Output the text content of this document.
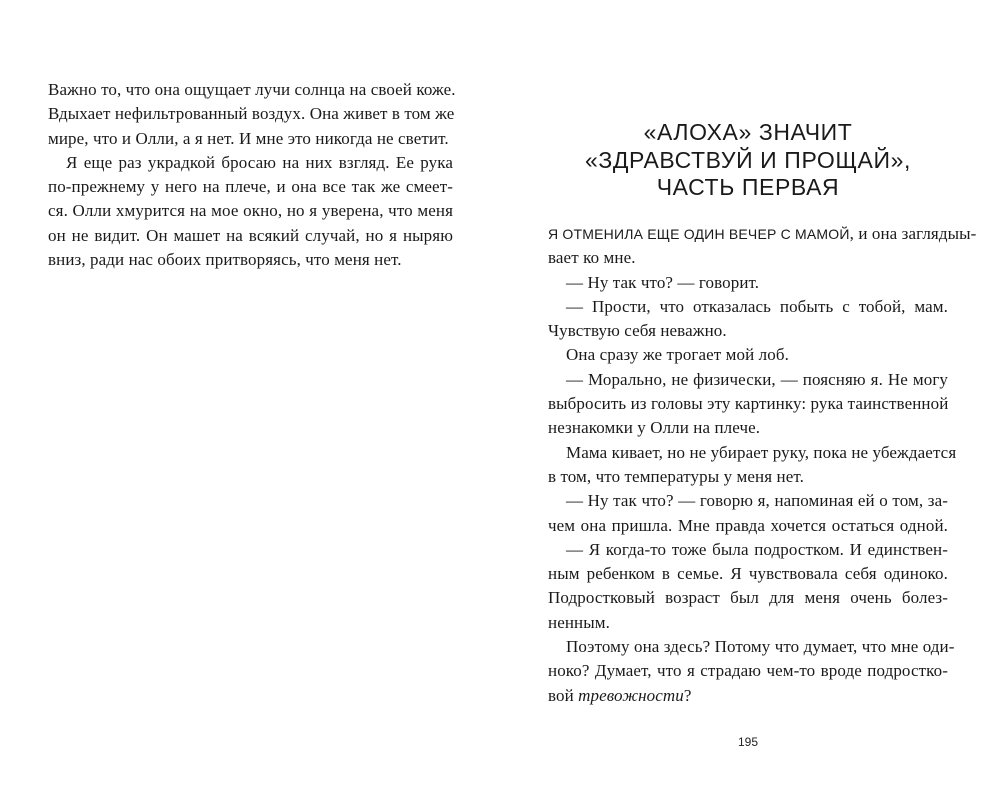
Важно то, что она ощущает лучи солнца на своей коже.
Вдыхает нефильтрованный воздух. Она живет в том же
мире, что и Олли, а я нет. И мне это никогда не светит.
Я еще раз украдкой бросаю на них взгляд. Ее рука
по-прежнему у него на плече, и она все так же смеет-
ся. Олли хмурится на мое окно, но я уверена, что меня
он не видит. Он машет на всякий случай, но я ныряю
вниз, ради нас обоих притворяясь, что меня нет.
«АЛОХА» ЗНАЧИТ
«ЗДРАВСТВУЙ И ПРОЩАЙ»,
ЧАСТЬ ПЕРВАЯ
Я ОТМЕНИЛА ЕЩЕ ОДИН ВЕЧЕР С МАМОЙ, и она заглядыы-
вает ко мне.
— Ну так что? — говорит.
— Прости, что отказалась побыть с тобой, мам.
Чувствую себя неважно.
Она сразу же трогает мой лоб.
— Морально, не физически, — поясняю я. Не могу
выбросить из головы эту картинку: рука таинственной
незнакомки у Олли на плече.
Мама кивает, но не убирает руку, пока не убеждается
в том, что температуры у меня нет.
— Ну так что? — говорю я, напоминая ей о том, за-
чем она пришла. Мне правда хочется остаться одной.
— Я когда-то тоже была подростком. И единствен-
ным ребенком в семье. Я чувствовала себя одиноко.
Подростковый возраст был для меня очень болез-
ненным.
Поэтому она здесь? Потому что думает, что мне оди-
ноко? Думает, что я страдаю чем-то вроде подростко-
вой тревожности?
195
